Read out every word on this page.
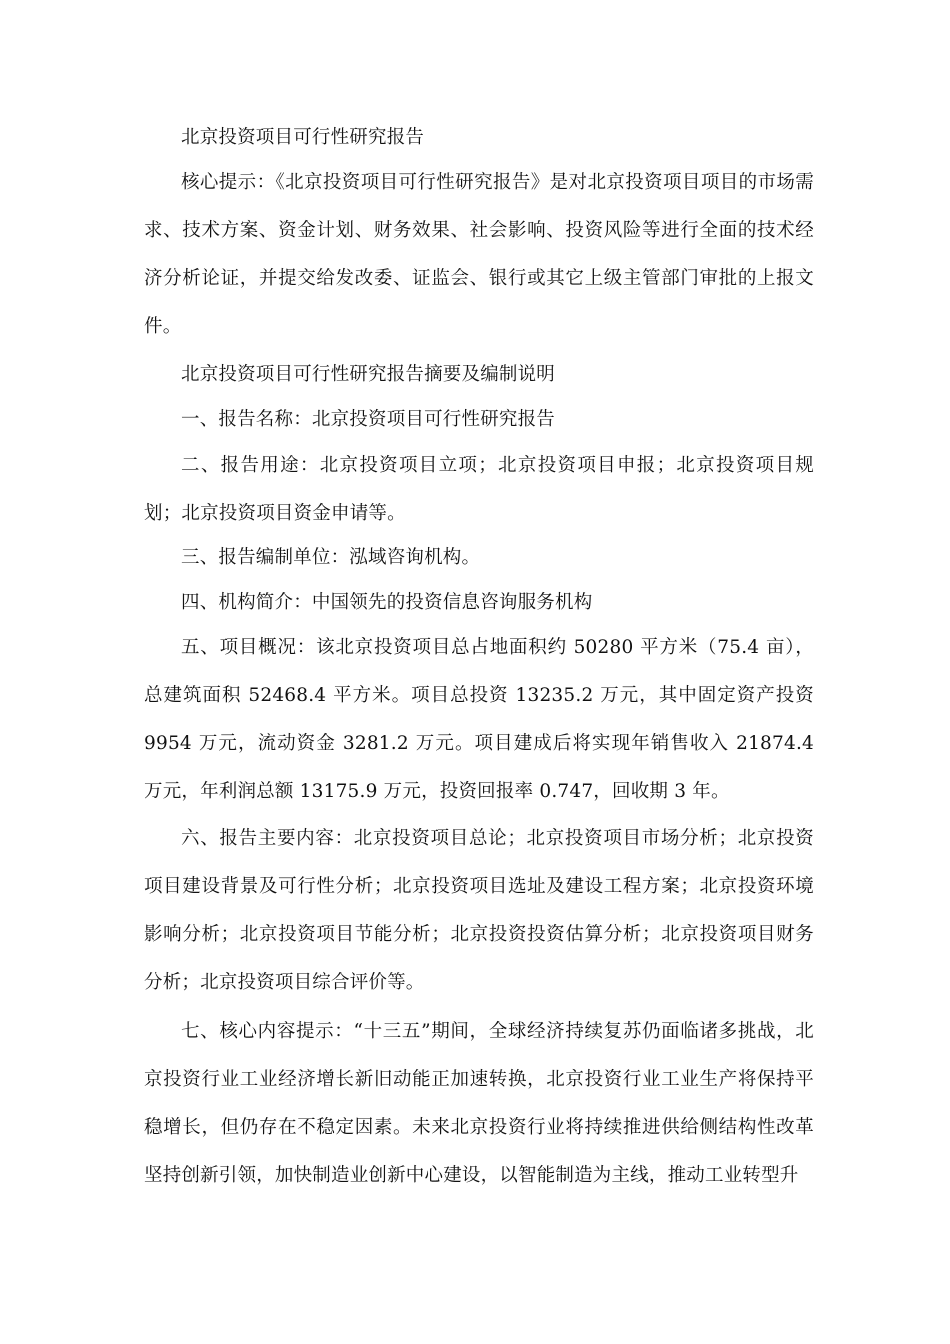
北京投资项目可行性研究报告

核心提示：《北京投资项目可行性研究报告》是对北京投资项目项目的市场需求、技术方案、资金计划、财务效果、社会影响、投资风险等进行全面的技术经济分析论证，并提交给发改委、证监会、银行或其它上级主管部门审批的上报文件。

北京投资项目可行性研究报告摘要及编制说明

一、报告名称：北京投资项目可行性研究报告

二、报告用途：北京投资项目立项；北京投资项目申报；北京投资项目规划；北京投资项目资金申请等。

三、报告编制单位：泓域咨询机构。

四、机构简介：中国领先的投资信息咨询服务机构

五、项目概况：该北京投资项目总占地面积约 50280 平方米（75.4 亩），总建筑面积 52468.4 平方米。项目总投资 13235.2 万元，其中固定资产投资 9954 万元，流动资金 3281.2 万元。项目建成后将实现年销售收入 21874.4 万元，年利润总额 13175.9 万元，投资回报率 0.747，回收期 3 年。

六、报告主要内容：北京投资项目总论；北京投资项目市场分析；北京投资项目建设背景及可行性分析；北京投资项目选址及建设工程方案；北京投资环境影响分析；北京投资项目节能分析；北京投资投资估算分析；北京投资项目财务分析；北京投资项目综合评价等。

七、核心内容提示：“十三五”期间，全球经济持续复苏仍面临诸多挑战，北京投资行业工业经济增长新旧动能正加速转换，北京投资行业工业生产将保持平稳增长，但仍存在不稳定因素。未来北京投资行业将持续推进供给侧结构性改革坚持创新引领，加快制造业创新中心建设，以智能制造为主线，推动工业转型升
